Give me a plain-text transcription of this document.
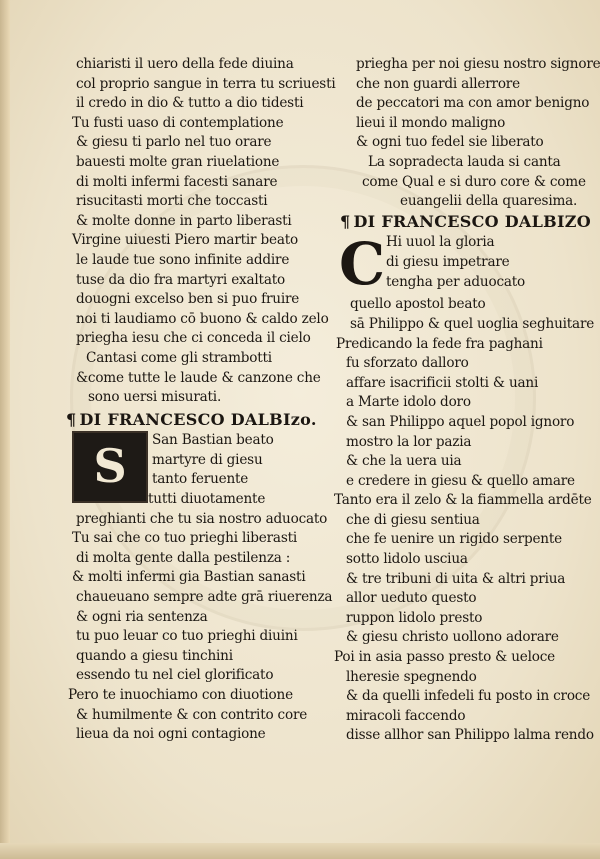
chiaristi il uero della fede diuina
col proprio sangue in terra tu scriuesti
il credo in dio & tutto a dio tidesti
Tu fusti uaso di contemplatione
& giesu ti parlo nel tuo orare
bauesti molte gran riuelatione
di molti infermi facesti sanare
risucitasti morti che toccasti
& molte donne in parto liberasti
Virgine uiuesti Piero martir beato
le laude tue sono infinite addire
tuse da dio fra martyri exaltato
douogni excelso ben si puo fruire
noi ti laudiamo cō buono & caldo zelo
priegha iesu che ci conceda il cielo
Cantasi come gli strambotti
&come tutte le laude & canzone che
sono uersi misurati.
¶ DI FRANCESCO DALBIzo.
S	San Bastian beato
martyre di giesu
tanto feruente
tutti diuotamente
preghianti che tu sia nostro aduocato
Tu sai che co tuo prieghi liberasti
di molta gente dalla pestilenza :
& molti infermi gia Bastian sanasti
chaueuano sempre adte grā riuerenza
& ogni ria sentenza
tu puo leuar co tuo prieghi diuini
quando a giesu tinchini
essendo tu nel ciel glorificato
Pero te inuochiamo con diuotione
& humilmente & con contrito core
lieua da noi ogni contagione
priegha per noi giesu nostro signore
che non guardi allerrore
de peccatori ma con amor benigno
lieui il mondo maligno
& ogni tuo fedel sie liberato
La sopradecta lauda si canta
come Qual e si duro core & come
euangelii della quaresima.
¶ DI FRANCESCO DALBIZO
C Hi uuol la gloria
di giesu impetrare
tengha per aduocato
quello apostol beato
sā Philippo & quel uoglia seghuitare
Predicando la fede fra paghani
fu sforzato dalloro
affare isacrificii stolti & uani
a Marte idolo doro
& san Philippo aquel popol ignoro
mostro la lor pazia
& che la uera uia
e credere in giesu & quello amare
Tanto era il zelo & la fiammella ardēte
che di giesu sentiua
che fe uenire un rigido serpente
sotto lidolo usciua
& tre tribuni di uita & altri priua
allor ueduto questo
ruppon lidolo presto
& giesu christo uollono adorare
Poi in asia passo presto & ueloce
lheresie spegnendo
& da quelli infedeli fu posto in croce
miracoli faccendo
disse allhor san Philippo lalma rendo
